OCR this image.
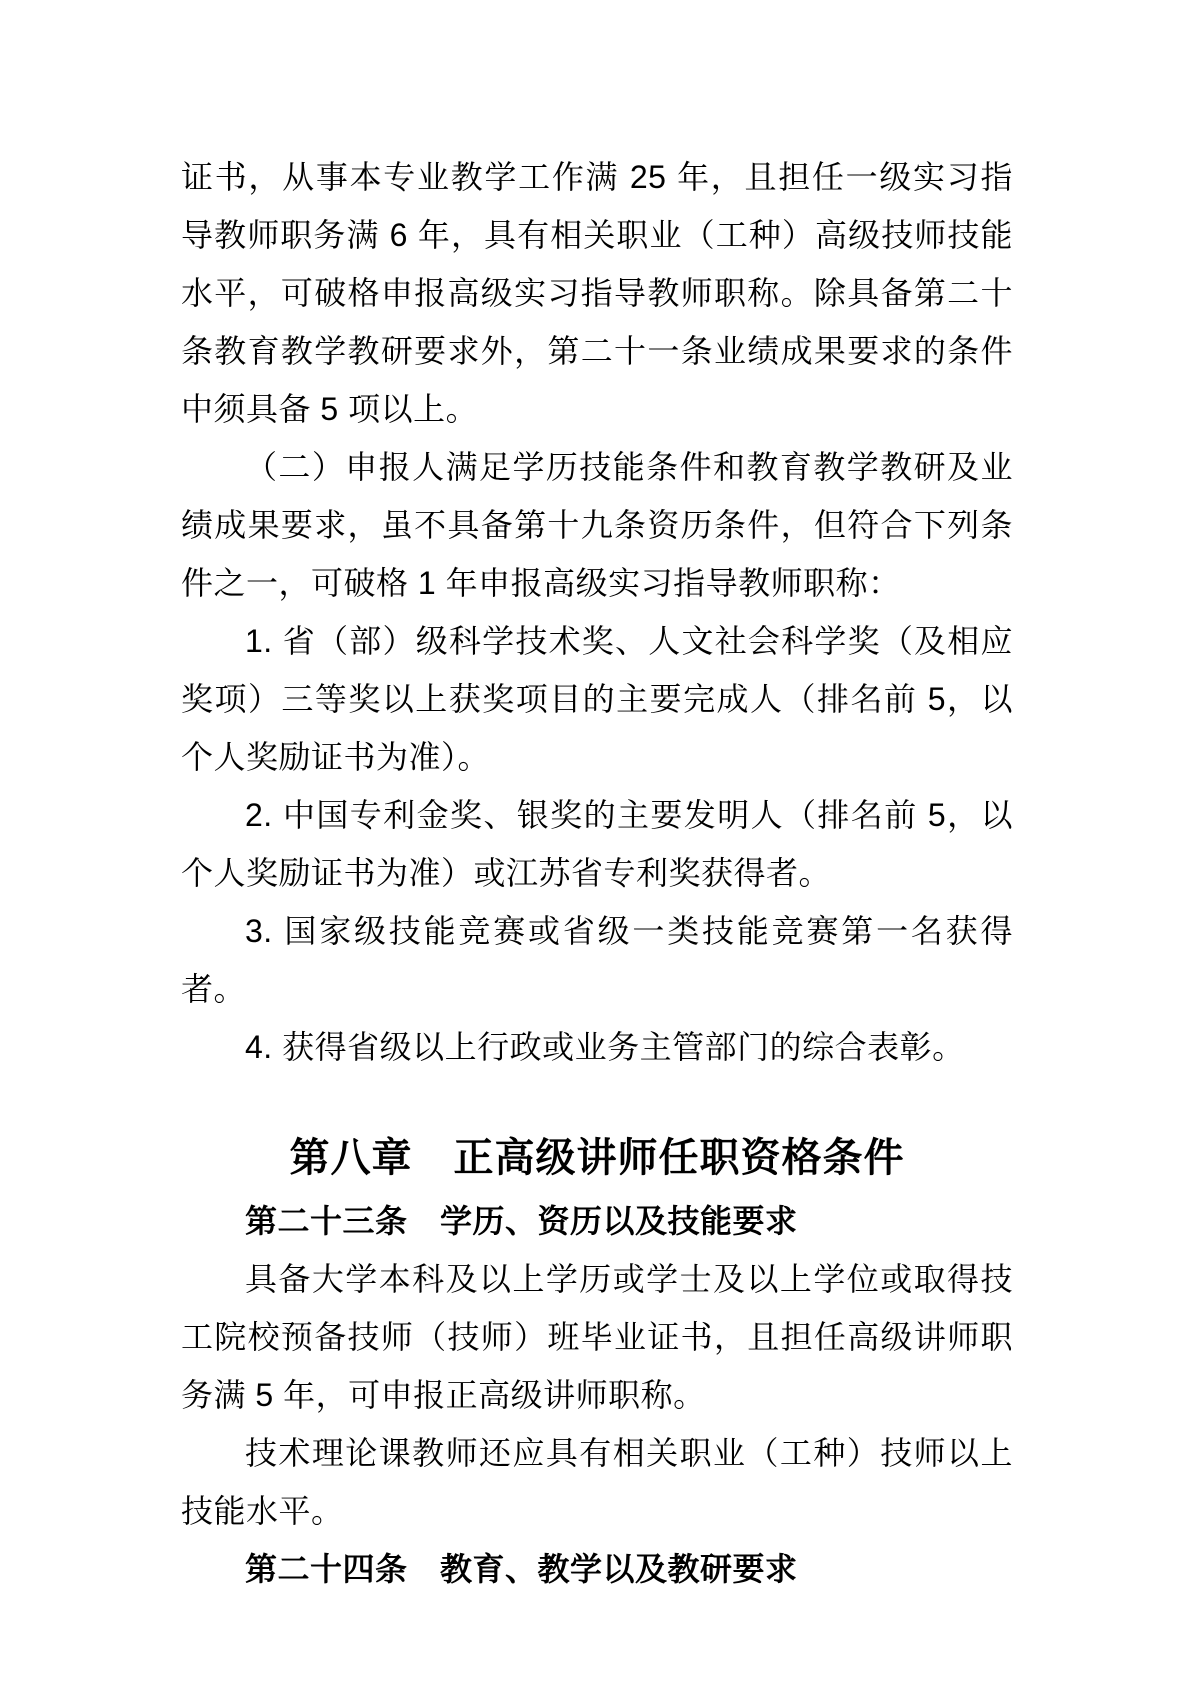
证书，从事本专业教学工作满 25 年，且担任一级实习指导教师职务满 6 年，具有相关职业（工种）高级技师技能水平，可破格申报高级实习指导教师职称。除具备第二十条教育教学教研要求外，第二十一条业绩成果要求的条件中须具备 5 项以上。

（二）申报人满足学历技能条件和教育教学教研及业绩成果要求，虽不具备第十九条资历条件，但符合下列条件之一，可破格 1 年申报高级实习指导教师职称：

1. 省（部）级科学技术奖、人文社会科学奖（及相应奖项）三等奖以上获奖项目的主要完成人（排名前 5，以个人奖励证书为准）。

2. 中国专利金奖、银奖的主要发明人（排名前 5，以个人奖励证书为准）或江苏省专利奖获得者。

3. 国家级技能竞赛或省级一类技能竞赛第一名获得者。

4. 获得省级以上行政或业务主管部门的综合表彰。

第八章　正高级讲师任职资格条件

第二十三条　学历、资历以及技能要求

具备大学本科及以上学历或学士及以上学位或取得技工院校预备技师（技师）班毕业证书，且担任高级讲师职务满 5 年，可申报正高级讲师职称。

技术理论课教师还应具有相关职业（工种）技师以上技能水平。

第二十四条　教育、教学以及教研要求
